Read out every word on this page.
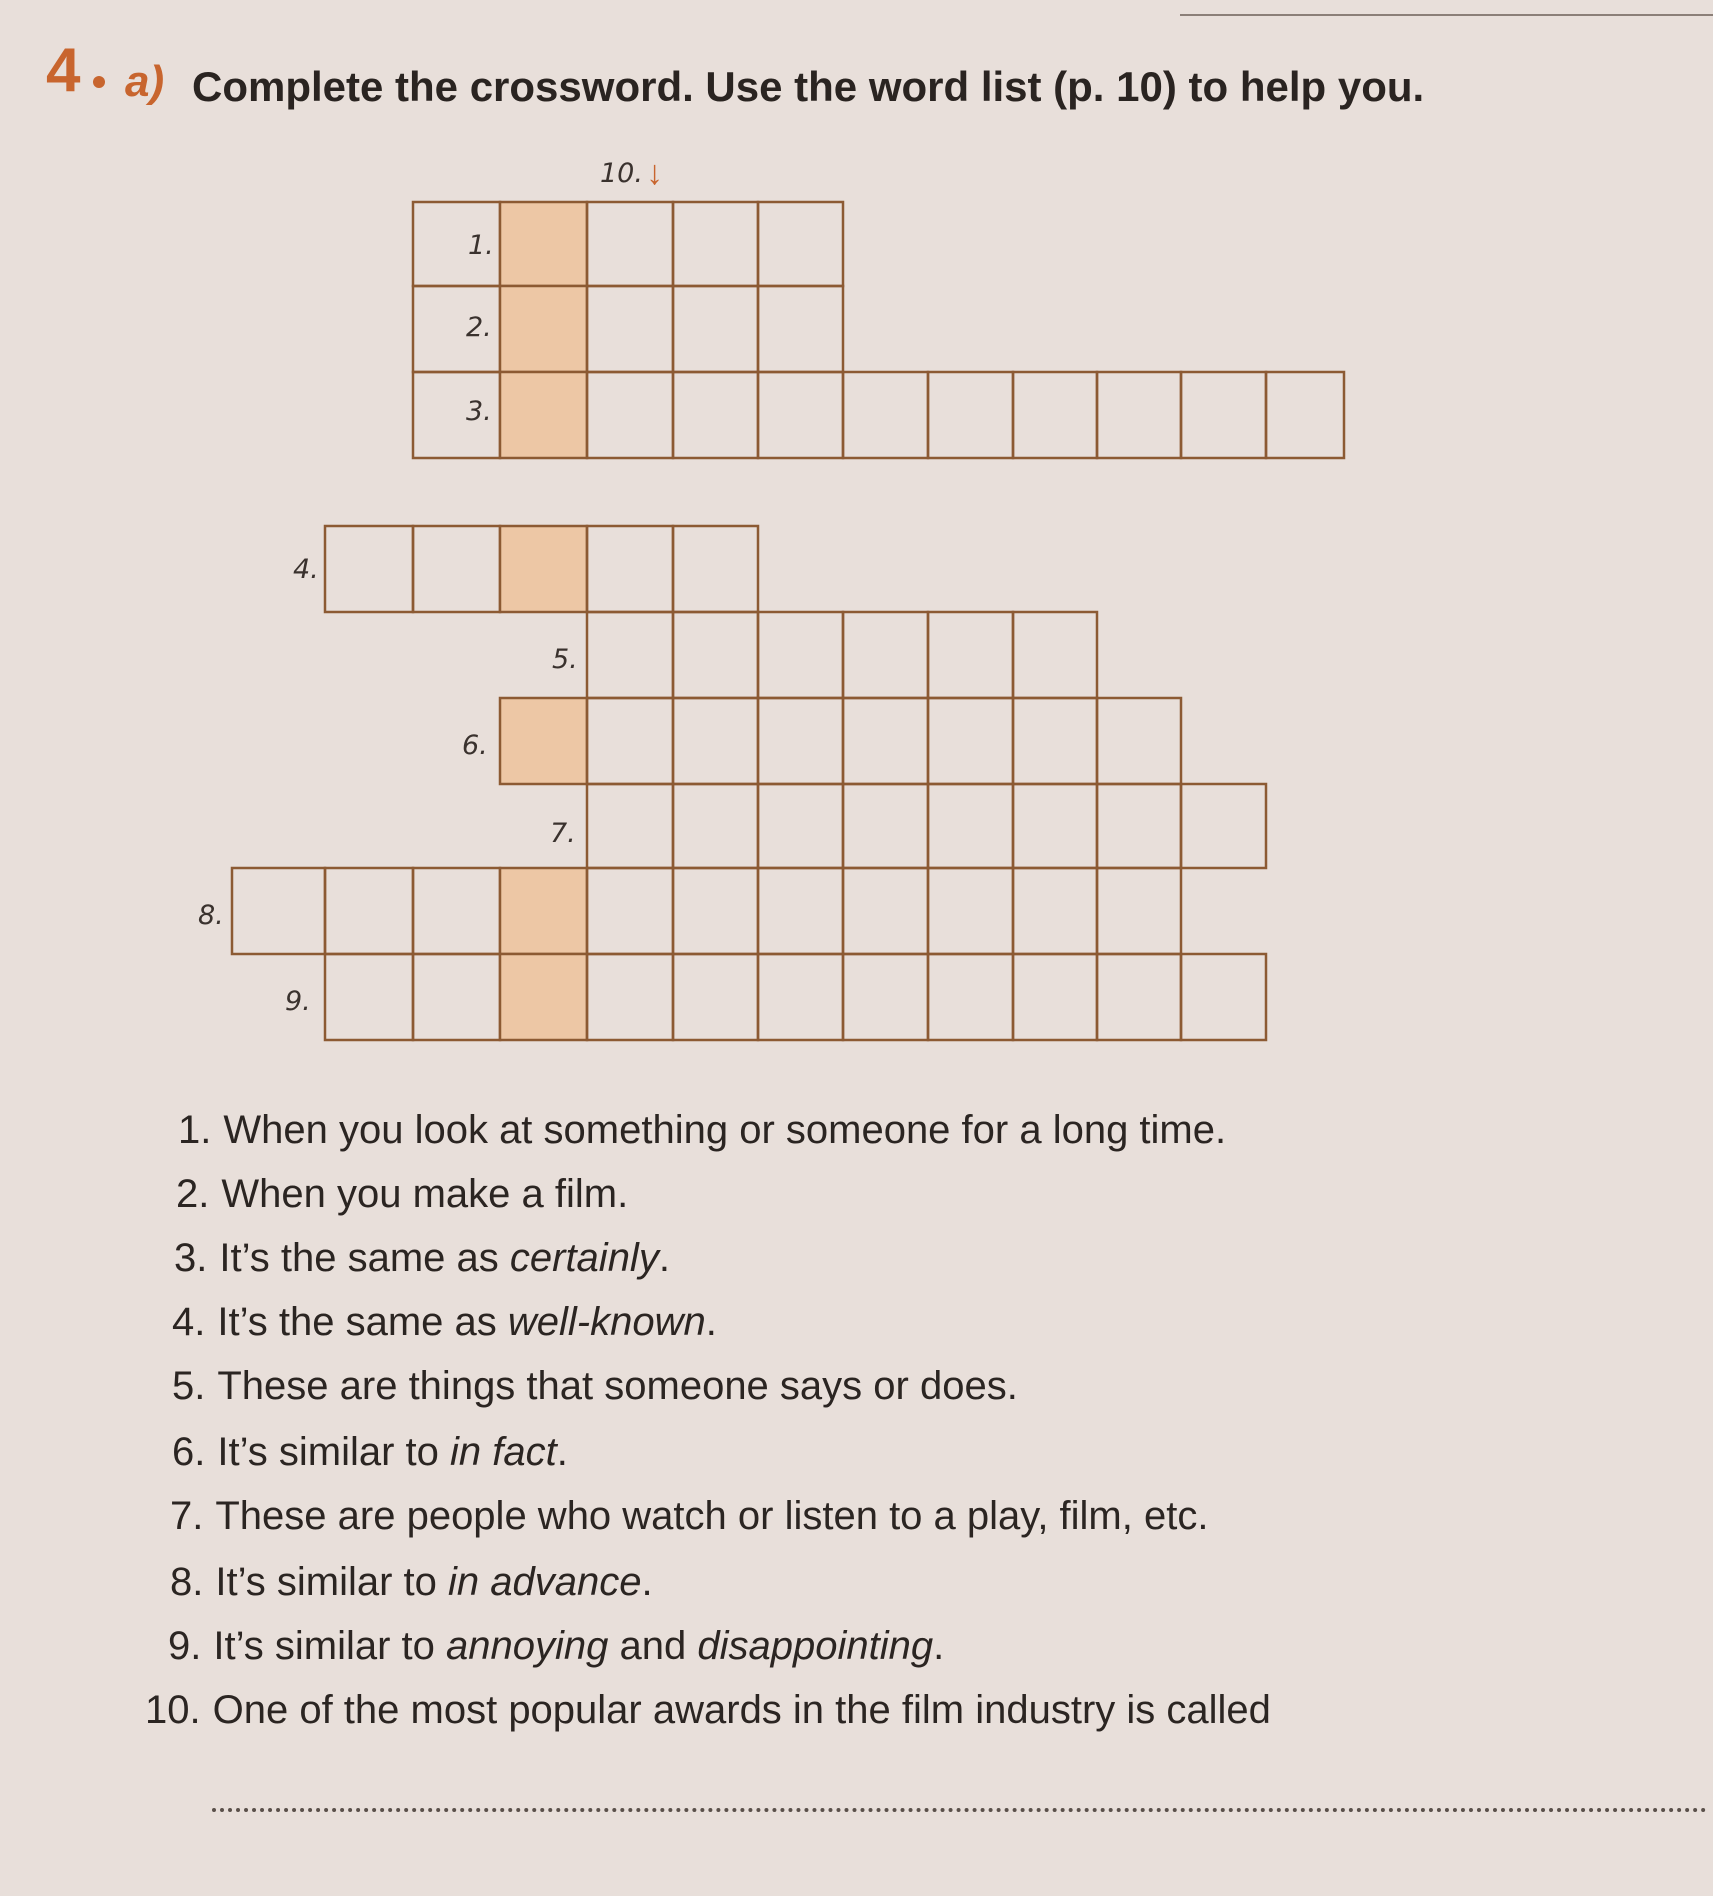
4 a) Complete the crossword. Use the word list (p. 10) to help you.
10. ↓
1.
2.
3.
4.
5.
6.
7.
8.
9.
1. When you look at something or someone for a long time.
2. When you make a film.
3. It’s the same as certainly.
4. It’s the same as well-known.
5. These are things that someone says or does.
6. It’s similar to in fact.
7. These are people who watch or listen to a play, film, etc.
8. It’s similar to in advance.
9. It’s similar to annoying and disappointing.
10. One of the most popular awards in the film industry is called
